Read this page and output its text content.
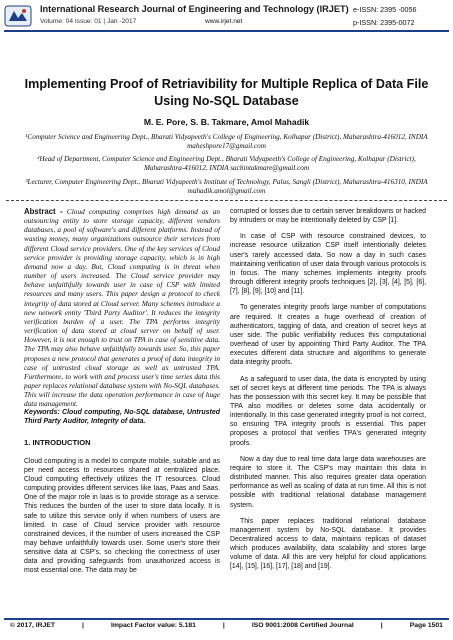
International Research Journal of Engineering and Technology (IRJET) e-ISSN: 2395 -0056
Volume: 04 Issue: 01 | Jan -2017	www.irjet.net	p-ISSN: 2395-0072
Implementing Proof of Retriavibility for Multiple Replica of Data File Using No-SQL Database
M. E. Pore, S. B. Takmare, Amol Mahadik
¹Computer Science and Engineering Dept., Bharati Vidyapeeth's College of Engineering, Kolhapur (District), Maharashtra-416012, INDIA maheshpore17@gmail.com
²Head of Department, Computer Science and Engineering Dept., Bharati Vidyapeeth's College of Engineering, Kolhapur (District), Maharashtra-416012, INDIA sachintakmare@gmail.com
³Lecturer, Computer Engineering Dept., Bharati Vidyapeeth's Institute of Technology, Palus, Sangli (District), Maharashtra-416310, INDIA mahadik.amol@gmail.com

Abstract - Cloud computing comprises high demand as an outsourcing entity to store storage capacity, different vendors databases, a pool of software's and different platforms. Instead of wasting money, many organizations outsource their services from different Cloud service providers. One of the key services of Cloud service provider is providing storage capacity, which is in high demand now a day. But, Cloud computing is in threat when number of users increased. The Cloud service provider may behave unfaithfully towards user in case of CSP with limited resources and many users. This paper design a protocol to check integrity of data stored at Cloud server. Many schemes introduce a new network entity 'Third Party Auditor'. It reduces the integrity verification burden of a user. The TPA performs integrity verification of data stored at cloud server on behalf of user. However, it is not enough to trust on TPA in case of sensitive data. The TPA may also behave unfaithfully towards user. So, this paper proposes a new protocol that generates a proof of data integrity in case of untrusted cloud storage as well as untrusted TPA. Furthermore, to work with and process user's time series data this paper replaces relational database system with No-SQL databases. This will increase the data operation performance in case of huge data management.

Keywords: Cloud computing, No-SQL database, Untrusted Third Party Auditor, Integrity of data.

1. INTRODUCTION

Cloud computing is a model to compute mobile, suitable and as per need access to resources shared at centralized place. Cloud computing effectively utilizes the IT resources. Cloud computing provides different services like Iaas, Paas and Saas. One of the major role in Iaas is to provide storage as a service. This reduces the burden of the user to store data locally. It is safe to utilize this service only if when numbers of users are limited. In case of Cloud service provider with resource constrained devices, if the number of users increased the CSP may behave unfaithfully towards user. Some user's store their sensitive data at CSP's, so checking the correctness of user data and providing safeguards from unauthorized access is most essential one. The data may be

corrupted or losses due to certain server breakdowns or hacked by intruders or may be intentionally deleted by CSP [1].

In case of CSP with resource constrained devices, to increase resource utilization CSP itself intentionally deletes user's rarely accessed data. So now a day in such cases maintaining verification of user data through various protocols is in focus. The many schemes implements integrity proofs through different integrity proofs techniques [2], [3], [4], [5], [6], [7], [8], [9], [10] and [11].

To generates integrity proofs large number of computations are required. It creates a huge overhead of creation of authenticators, tagging of data, and creation of secret keys at user side. The public verifiability reduces this computational overhead of user by appointing Third Party Auditor. The TPA executes different data structure and algorithms to generate data integrity proofs.

As a safeguard to user data, the data is encrypted by using set of secret keys at different time periods. The TPA is always has the possession with this secret key. It may be possible that TPA also modifies or deletes some data accidentally or intentionally. In this case generated integrity proof is not correct, so ensuring TPA integrity proofs is essential. This paper proposes a protocol that verifies TPA's generated integrity proofs.

Now a day due to real time data large data warehouses are require to store it. The CSP's may maintain this data in distributed manner. This also requires greater data operation performance as well as scaling of data at run time. All this is not possible with traditional relational database management system.

This paper replaces traditional relational database management system by No-SQL database. It provides Decentralized access to data, maintains replicas of dataset which produces availability, data scalability and stores large volume of data. All this are very helpful for cloud applications [14], [15], [16], [17], [18] and [19].

© 2017, IRJET	|	Impact Factor value: 5.181	|	ISO 9001:2008 Certified Journal	|	Page 1501
